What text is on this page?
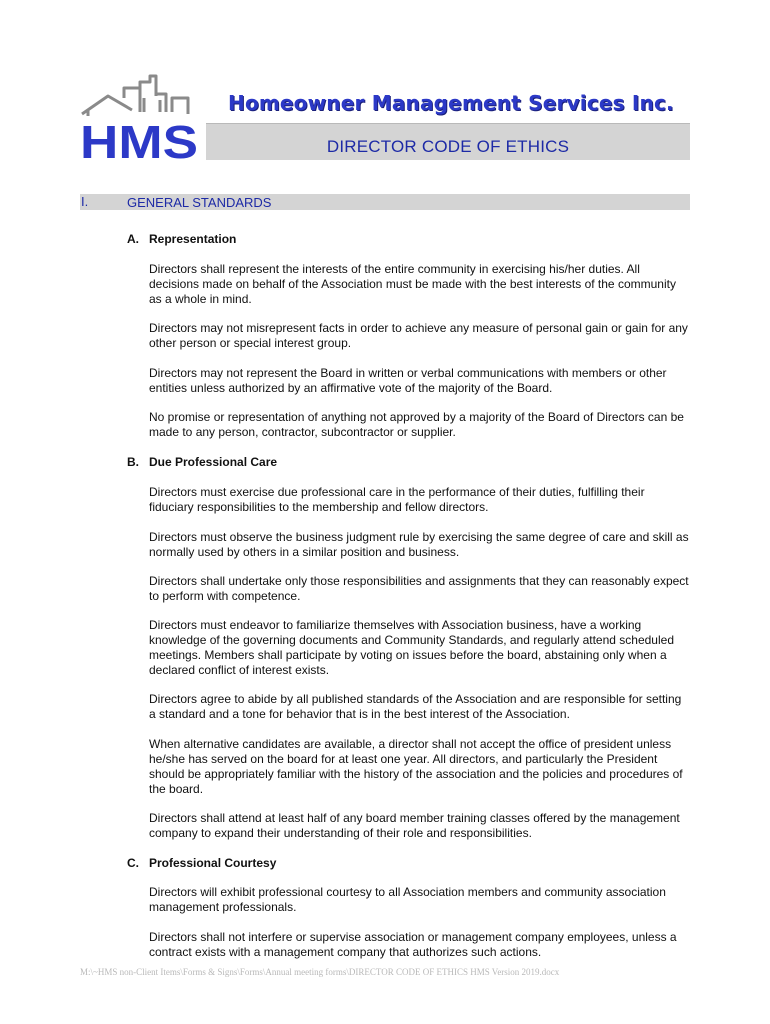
HMS
Homeowner Management Services Inc.
DIRECTOR CODE OF ETHICS
I.	GENERAL STANDARDS
A. Representation
Directors shall represent the interests of the entire community in exercising his/her duties. All decisions made on behalf of the Association must be made with the best interests of the community as a whole in mind.
Directors may not misrepresent facts in order to achieve any measure of personal gain or gain for any other person or special interest group.
Directors may not represent the Board in written or verbal communications with members or other entities unless authorized by an affirmative vote of the majority of the Board.
No promise or representation of anything not approved by a majority of the Board of Directors can be made to any person, contractor, subcontractor or supplier.
B. Due Professional Care
Directors must exercise due professional care in the performance of their duties, fulfilling their fiduciary responsibilities to the membership and fellow directors.
Directors must observe the business judgment rule by exercising the same degree of care and skill as normally used by others in a similar position and business.
Directors shall undertake only those responsibilities and assignments that they can reasonably expect to perform with competence.
Directors must endeavor to familiarize themselves with Association business, have a working knowledge of the governing documents and Community Standards, and regularly attend scheduled meetings. Members shall participate by voting on issues before the board, abstaining only when a declared conflict of interest exists.
Directors agree to abide by all published standards of the Association and are responsible for setting a standard and a tone for behavior that is in the best interest of the Association.
When alternative candidates are available, a director shall not accept the office of president unless he/she has served on the board for at least one year. All directors, and particularly the President should be appropriately familiar with the history of the association and the policies and procedures of the board.
Directors shall attend at least half of any board member training classes offered by the management company to expand their understanding of their role and responsibilities.
C. Professional Courtesy
Directors will exhibit professional courtesy to all Association members and community association management professionals.
Directors shall not interfere or supervise association or management company employees, unless a contract exists with a management company that authorizes such actions.
M:\~HMS non-Client Items\Forms & Signs\Forms\Annual meeting forms\DIRECTOR CODE OF ETHICS HMS Version 2019.docx
